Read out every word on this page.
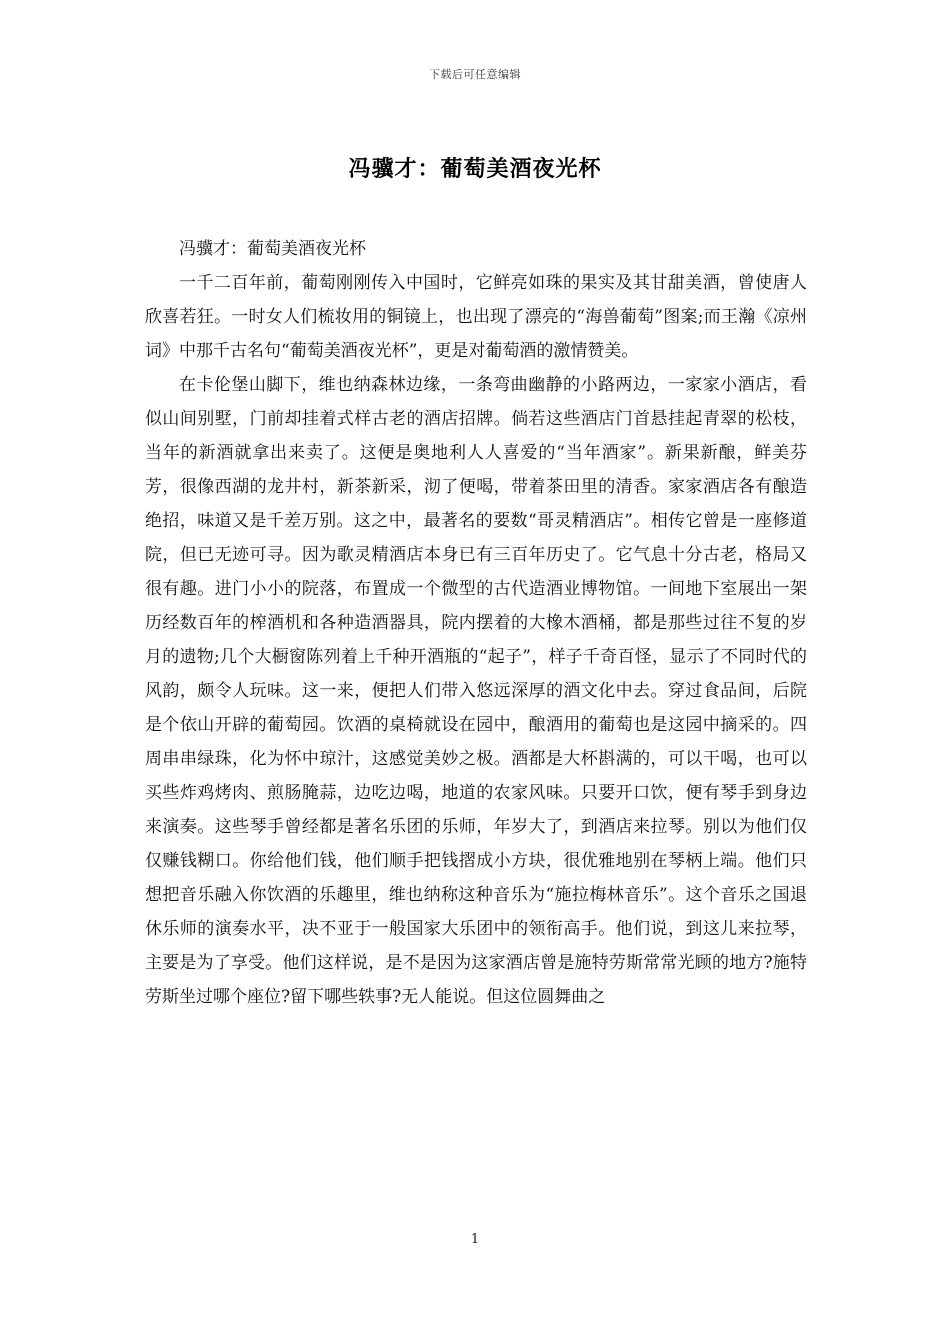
下载后可任意编辑
冯骥才：葡萄美酒夜光杯

冯骥才：葡萄美酒夜光杯

一千二百年前，葡萄刚刚传入中国时，它鲜亮如珠的果实及其甘甜美酒，曾使唐人欣喜若狂。一时女人们梳妆用的铜镜上，也出现了漂亮的“海兽葡萄”图案;而王瀚《凉州词》中那千古名句“葡萄美酒夜光杯”，更是对葡萄酒的激情赞美。

在卡伦堡山脚下，维也纳森林边缘，一条弯曲幽静的小路两边，一家家小酒店，看似山间别墅，门前却挂着式样古老的酒店招牌。倘若这些酒店门首悬挂起青翠的松枝，当年的新酒就拿出来卖了。这便是奥地利人人喜爱的“当年酒家”。新果新酿，鲜美芬芳，很像西湖的龙井村，新茶新采，沏了便喝，带着茶田里的清香。家家酒店各有酿造绝招，味道又是千差万别。这之中，最著名的要数“哥灵精酒店”。相传它曾是一座修道院，但已无迹可寻。因为歌灵精酒店本身已有三百年历史了。它气息十分古老，格局又很有趣。进门小小的院落，布置成一个微型的古代造酒业博物馆。一间地下室展出一架历经数百年的榨酒机和各种造酒器具，院内摆着的大橡木酒桶，都是那些过往不复的岁月的遗物;几个大橱窗陈列着上千种开酒瓶的“起子”，样子千奇百怪，显示了不同时代的风韵，颇令人玩味。这一来，便把人们带入悠远深厚的酒文化中去。穿过食品间，后院是个依山开辟的葡萄园。饮酒的桌椅就设在园中，酿酒用的葡萄也是这园中摘采的。四周串串绿珠，化为怀中琼汁，这感觉美妙之极。酒都是大杯斟满的，可以干喝，也可以买些炸鸡烤肉、煎肠腌蒜，边吃边喝，地道的农家风味。只要开口饮，便有琴手到身边来演奏。这些琴手曾经都是著名乐团的乐师，年岁大了，到酒店来拉琴。别以为他们仅仅赚钱糊口。你给他们钱，他们顺手把钱摺成小方块，很优雅地别在琴柄上端。他们只想把音乐融入你饮酒的乐趣里，维也纳称这种音乐为“施拉梅林音乐”。这个音乐之国退休乐师的演奏水平，决不亚于一般国家大乐团中的领衔高手。他们说，到这儿来拉琴，主要是为了享受。他们这样说，是不是因为这家酒店曾是施特劳斯常常光顾的地方?施特劳斯坐过哪个座位?留下哪些轶事?无人能说。但这位圆舞曲之

1
